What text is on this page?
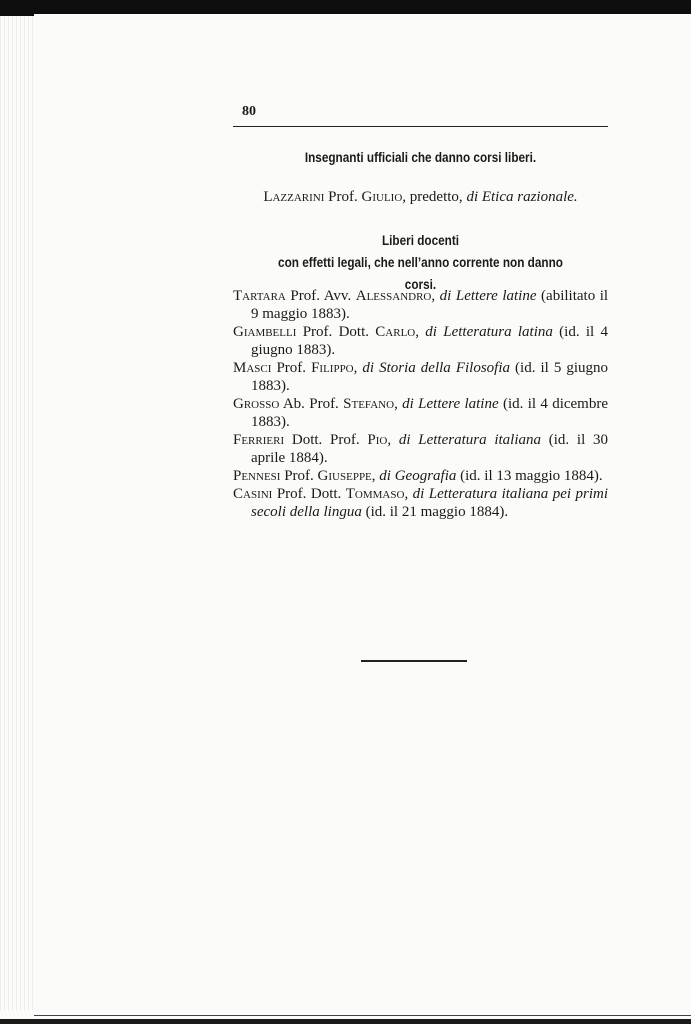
80
Insegnanti ufficiali che danno corsi liberi.
Lazzarini Prof. Giulio, predetto, di Etica razionale.
Liberi docenti
con effetti legali, che nell’anno corrente non danno corsi.
Tartara Prof. Avv. Alessandro, di Lettere latine (abilitato il 9 maggio 1883).
Giambelli Prof. Dott. Carlo, di Letteratura latina (id. il 4 giugno 1883).
Masci Prof. Filippo, di Storia della Filosofia (id. il 5 giugno 1883).
Grosso Ab. Prof. Stefano, di Lettere latine (id. il 4 dicembre 1883).
Ferrieri Dott. Prof. Pio, di Letteratura italiana (id. il 30 aprile 1884).
Pennesi Prof. Giuseppe, di Geografia (id. il 13 maggio 1884).
Casini Prof. Dott. Tommaso, di Letteratura italiana pei primi secoli della lingua (id. il 21 maggio 1884).
